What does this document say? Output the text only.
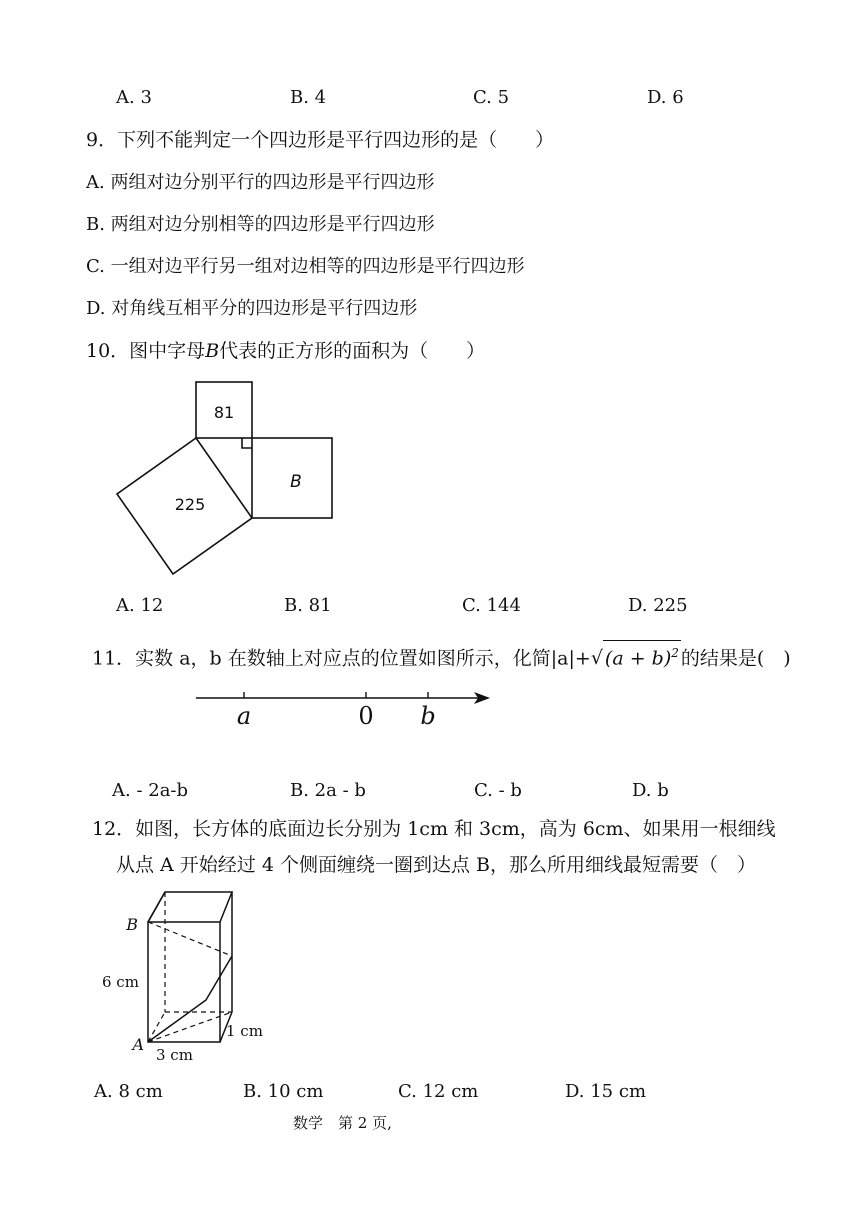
A. 3	B. 4	C. 5	D. 6
9．下列不能判定一个四边形是平行四边形的是（　　）
A. 两组对边分别平行的四边形是平行四边形
B. 两组对边分别相等的四边形是平行四边形
C. 一组对边平行另一组对边相等的四边形是平行四边形
D. 对角线互相平分的四边形是平行四边形
10．图中字母B代表的正方形的面积为（　　）
81
225
B
A. 12	B. 81	C. 144	D. 225
11．实数 a，b 在数轴上对应点的位置如图所示，化简|a|+ √ $(a + b)^2$ 的结果是(　)
a	0 b
A. - 2a-b	B. 2a - b	C. - b	D. b
12．如图，长方体的底面边长分别为 1cm 和 3cm，高为 6cm、如果用一根细线
从点 A 开始经过 4 个侧面缠绕一圈到达点 B，那么所用细线最短需要（　）
B
A
6 cm
3 cm
1 cm
A. 8 cm	B. 10 cm	C. 12 cm	D. 15 cm
数学　第 2 页,
